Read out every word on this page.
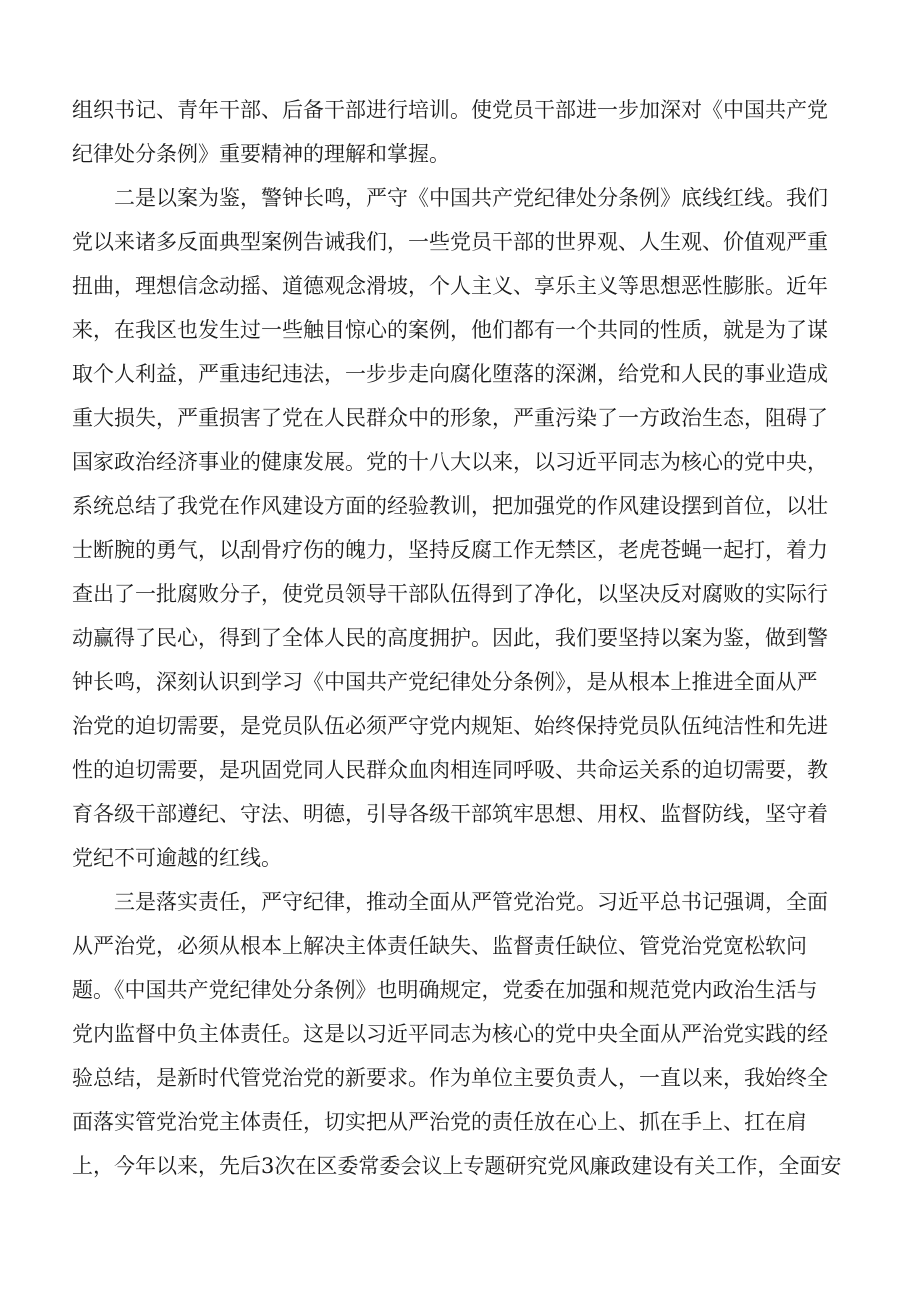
组织书记、青年干部、后备干部进行培训。使党员干部进一步加深对《中国共产党
纪律处分条例》重要精神的理解和掌握。
二是以案为鉴，警钟长鸣，严守《中国共产党纪律处分条例》底线红线。我们
党以来诸多反面典型案例告诫我们，一些党员干部的世界观、人生观、价值观严重
扭曲，理想信念动摇、道德观念滑坡，个人主义、享乐主义等思想恶性膨胀。近年
来，在我区也发生过一些触目惊心的案例，他们都有一个共同的性质，就是为了谋
取个人利益，严重违纪违法，一步步走向腐化堕落的深渊，给党和人民的事业造成
重大损失，严重损害了党在人民群众中的形象，严重污染了一方政治生态，阻碍了
国家政治经济事业的健康发展。党的十八大以来，以习近平同志为核心的党中央，
系统总结了我党在作风建设方面的经验教训，把加强党的作风建设摆到首位，以壮
士断腕的勇气，以刮骨疗伤的魄力，坚持反腐工作无禁区，老虎苍蝇一起打，着力
查出了一批腐败分子，使党员领导干部队伍得到了净化，以坚决反对腐败的实际行
动赢得了民心，得到了全体人民的高度拥护。因此，我们要坚持以案为鉴，做到警
钟长鸣，深刻认识到学习《中国共产党纪律处分条例》，是从根本上推进全面从严
治党的迫切需要，是党员队伍必须严守党内规矩、始终保持党员队伍纯洁性和先进
性的迫切需要，是巩固党同人民群众血肉相连同呼吸、共命运关系的迫切需要，教
育各级干部遵纪、守法、明德，引导各级干部筑牢思想、用权、监督防线，坚守着
党纪不可逾越的红线。
三是落实责任，严守纪律，推动全面从严管党治党。习近平总书记强调，全面
从严治党，必须从根本上解决主体责任缺失、监督责任缺位、管党治党宽松软问
题。《中国共产党纪律处分条例》也明确规定，党委在加强和规范党内政治生活与
党内监督中负主体责任。这是以习近平同志为核心的党中央全面从严治党实践的经
验总结，是新时代管党治党的新要求。作为单位主要负责人，一直以来，我始终全
面落实管党治党主体责任，切实把从严治党的责任放在心上、抓在手上、扛在肩
上，今年以来，先后3次在区委常委会议上专题研究党风廉政建设有关工作，全面安
